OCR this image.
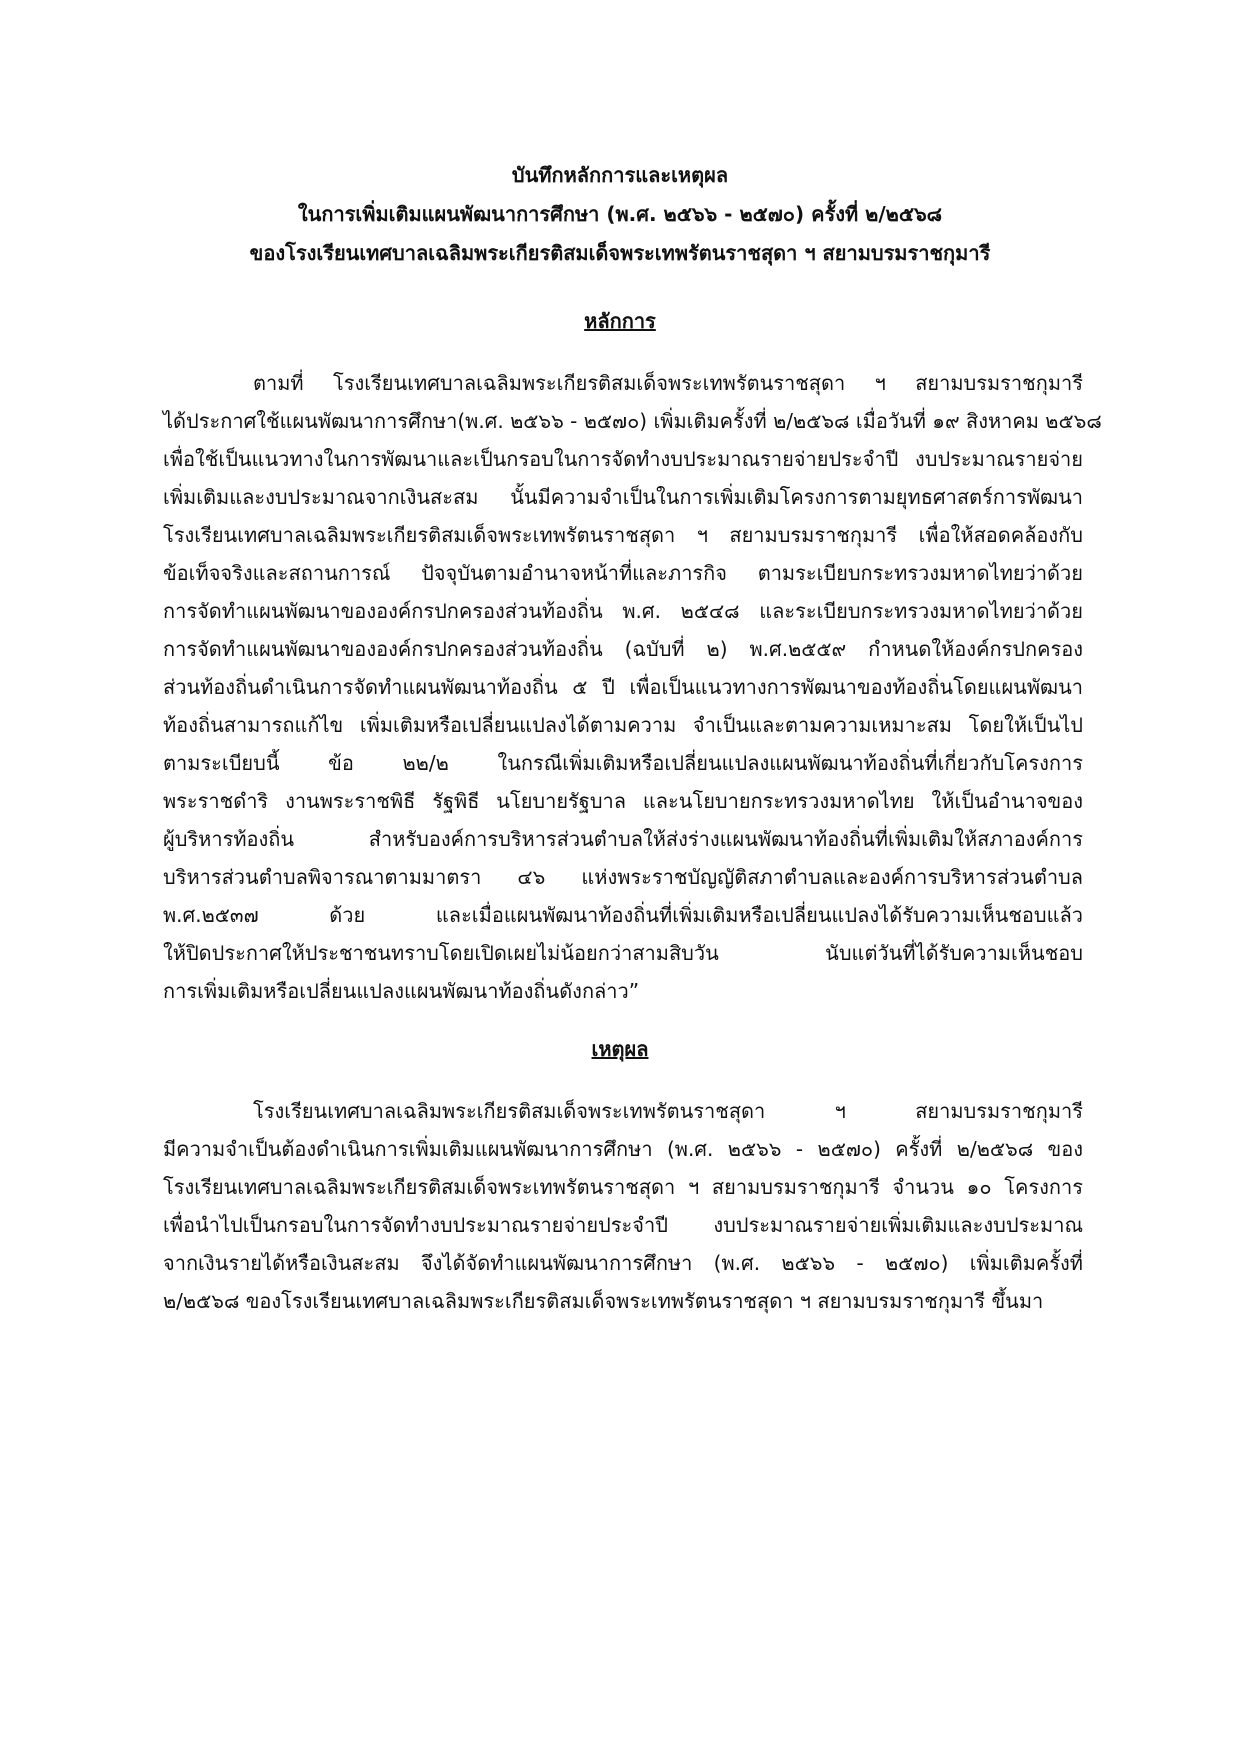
บันทึกหลักการและเหตุผล
ในการเพิ่มเติมแผนพัฒนาการศึกษา (พ.ศ. ๒๕๖๖ - ๒๕๗๐) ครั้งที่ ๒/๒๕๖๘
ของโรงเรียนเทศบาลเฉลิมพระเกียรติสมเด็จพระเทพรัตนราชสุดา ฯ สยามบรมราชกุมารี
หลักการ
ตามที่ โรงเรียนเทศบาลเฉลิมพระเกียรติสมเด็จพระเทพรัตนราชสุดา ฯ สยามบรมราชกุมารี
ได้ประกาศใช้แผนพัฒนาการศึกษา(พ.ศ. ๒๕๖๖ - ๒๕๗๐) เพิ่มเติมครั้งที่ ๒/๒๕๖๘ เมื่อวันที่ ๑๙ สิงหาคม ๒๕๖๘
เพื่อใช้เป็นแนวทางในการพัฒนาและเป็นกรอบในการจัดทำงบประมาณรายจ่ายประจำปี งบประมาณรายจ่าย
เพิ่มเติมและงบประมาณจากเงินสะสม นั้นมีความจำเป็นในการเพิ่มเติมโครงการตามยุทธศาสตร์การพัฒนา
โรงเรียนเทศบาลเฉลิมพระเกียรติสมเด็จพระเทพรัตนราชสุดา ฯ สยามบรมราชกุมารี เพื่อให้สอดคล้องกับ
ข้อเท็จจริงและสถานการณ์ ปัจจุบันตามอำนาจหน้าที่และภารกิจ ตามระเบียบกระทรวงมหาดไทยว่าด้วย
การจัดทำแผนพัฒนาขององค์กรปกครองส่วนท้องถิ่น พ.ศ. ๒๕๔๘ และระเบียบกระทรวงมหาดไทยว่าด้วย
การจัดทำแผนพัฒนาขององค์กรปกครองส่วนท้องถิ่น (ฉบับที่ ๒) พ.ศ.๒๕๕๙ กำหนดให้องค์กรปกครอง
ส่วนท้องถิ่นดำเนินการจัดทำแผนพัฒนาท้องถิ่น ๕ ปี เพื่อเป็นแนวทางการพัฒนาของท้องถิ่นโดยแผนพัฒนา
ท้องถิ่นสามารถแก้ไข เพิ่มเติมหรือเปลี่ยนแปลงได้ตามความ จำเป็นและตามความเหมาะสม โดยให้เป็นไป
ตามระเบียบนี้ ข้อ ๒๒/๒ ในกรณีเพิ่มเติมหรือเปลี่ยนแปลงแผนพัฒนาท้องถิ่นที่เกี่ยวกับโครงการ
พระราชดำริ งานพระราชพิธี รัฐพิธี นโยบายรัฐบาล และนโยบายกระทรวงมหาดไทย ให้เป็นอำนาจของ
ผู้บริหารท้องถิ่น สำหรับองค์การบริหารส่วนตำบลให้ส่งร่างแผนพัฒนาท้องถิ่นที่เพิ่มเติมให้สภาองค์การ
บริหารส่วนตำบลพิจารณาตามมาตรา ๔๖ แห่งพระราชบัญญัติสภาตำบลและองค์การบริหารส่วนตำบล
พ.ศ.๒๕๓๗ ด้วย และเมื่อแผนพัฒนาท้องถิ่นที่เพิ่มเติมหรือเปลี่ยนแปลงได้รับความเห็นชอบแล้ว
ให้ปิดประกาศให้ประชาชนทราบโดยเปิดเผยไม่น้อยกว่าสามสิบวัน นับแต่วันที่ได้รับความเห็นชอบ
การเพิ่มเติมหรือเปลี่ยนแปลงแผนพัฒนาท้องถิ่นดังกล่าว”
เหตุผล
โรงเรียนเทศบาลเฉลิมพระเกียรติสมเด็จพระเทพรัตนราชสุดา ฯ สยามบรมราชกุมารี
มีความจำเป็นต้องดำเนินการเพิ่มเติมแผนพัฒนาการศึกษา (พ.ศ. ๒๕๖๖ - ๒๕๗๐) ครั้งที่ ๒/๒๕๖๘ ของ
โรงเรียนเทศบาลเฉลิมพระเกียรติสมเด็จพระเทพรัตนราชสุดา ฯ สยามบรมราชกุมารี จำนวน ๑๐ โครงการ
เพื่อนำไปเป็นกรอบในการจัดทำงบประมาณรายจ่ายประจำปี งบประมาณรายจ่ายเพิ่มเติมและงบประมาณ
จากเงินรายได้หรือเงินสะสม จึงได้จัดทำแผนพัฒนาการศึกษา (พ.ศ. ๒๕๖๖ - ๒๕๗๐) เพิ่มเติมครั้งที่
๒/๒๕๖๘ ของโรงเรียนเทศบาลเฉลิมพระเกียรติสมเด็จพระเทพรัตนราชสุดา ฯ สยามบรมราชกุมารี ขึ้นมา
